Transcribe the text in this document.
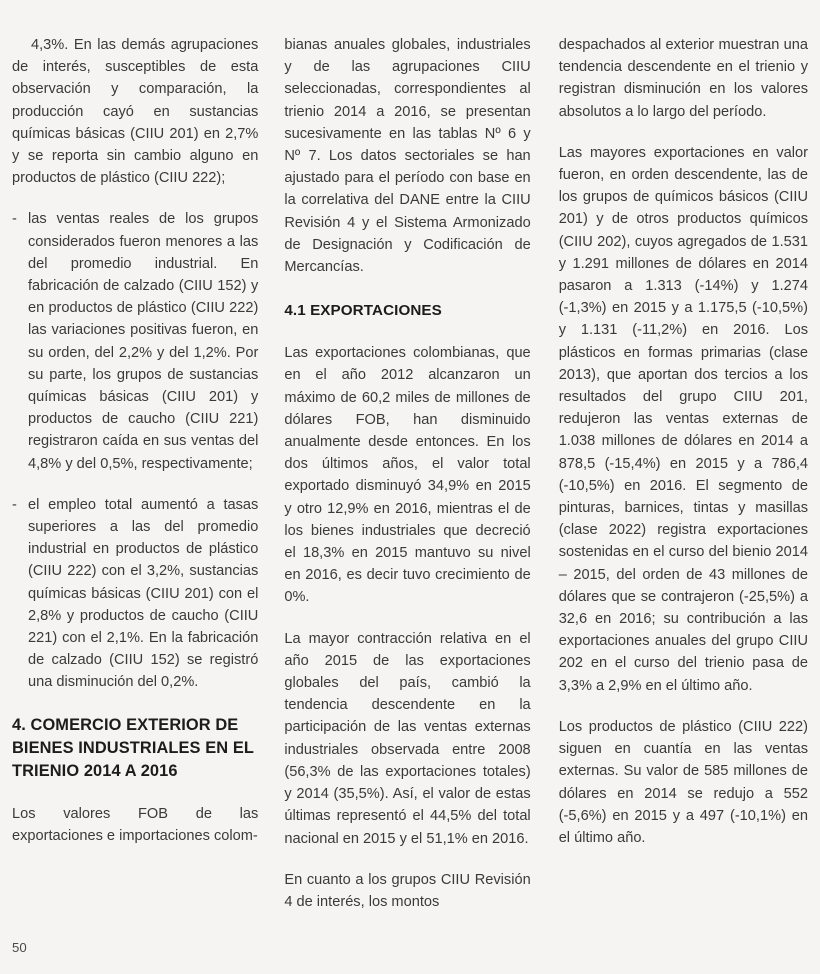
4,3%. En las demás agrupaciones de interés, susceptibles de esta observación y comparación, la producción cayó en sustancias químicas básicas (CIIU 201) en 2,7% y se reporta sin cambio alguno en productos de plástico (CIIU 222);

- las ventas reales de los grupos considerados fueron menores a las del promedio industrial. En fabricación de calzado (CIIU 152) y en productos de plástico (CIIU 222) las variaciones positivas fueron, en su orden, del 2,2% y del 1,2%. Por su parte, los grupos de sustancias químicas básicas (CIIU 201) y productos de caucho (CIIU 221) registraron caída en sus ventas del 4,8% y del 0,5%, respectivamente;
- el empleo total aumentó a tasas superiores a las del promedio industrial en productos de plástico (CIIU 222) con el 3,2%, sustancias químicas básicas (CIIU 201) con el 2,8% y productos de caucho (CIIU 221) con el 2,1%. En la fabricación de calzado (CIIU 152) se registró una disminución del 0,2%.
4. COMERCIO EXTERIOR DE BIENES INDUSTRIALES EN EL TRIENIO 2014 A 2016

Los valores FOB de las exportaciones e importaciones colom-

bianas anuales globales, industriales y de las agrupaciones CIIU seleccionadas, correspondientes al trienio 2014 a 2016, se presentan sucesivamente en las tablas Nº 6 y Nº 7. Los datos sectoriales se han ajustado para el período con base en la correlativa del DANE entre la CIIU Revisión 4 y el Sistema Armonizado de Designación y Codificación de Mercancías.

4.1 EXPORTACIONES

Las exportaciones colombianas, que en el año 2012 alcanzaron un máximo de 60,2 miles de millones de dólares FOB, han disminuido anualmente desde entonces. En los dos últimos años, el valor total exportado disminuyó 34,9% en 2015 y otro 12,9% en 2016, mientras el de los bienes industriales que decreció el 18,3% en 2015 mantuvo su nivel en 2016, es decir tuvo crecimiento de 0%.

La mayor contracción relativa en el año 2015 de las exportaciones globales del país, cambió la tendencia descendente en la participación de las ventas externas industriales observada entre 2008 (56,3% de las exportaciones totales) y 2014 (35,5%). Así, el valor de estas últimas representó el 44,5% del total nacional en 2015 y el 51,1% en 2016.

En cuanto a los grupos CIIU Revisión 4 de interés, los montos

despachados al exterior muestran una tendencia descendente en el trienio y registran disminución en los valores absolutos a lo largo del período.

Las mayores exportaciones en valor fueron, en orden descendente, las de los grupos de químicos básicos (CIIU 201) y de otros productos químicos (CIIU 202), cuyos agregados de 1.531 y 1.291 millones de dólares en 2014 pasaron a 1.313 (-14%) y 1.274 (-1,3%) en 2015 y a 1.175,5 (-10,5%) y 1.131 (-11,2%) en 2016. Los plásticos en formas primarias (clase 2013), que aportan dos tercios a los resultados del grupo CIIU 201, redujeron las ventas externas de 1.038 millones de dólares en 2014 a 878,5 (-15,4%) en 2015 y a 786,4 (-10,5%) en 2016. El segmento de pinturas, barnices, tintas y masillas (clase 2022) registra exportaciones sostenidas en el curso del bienio 2014 – 2015, del orden de 43 millones de dólares que se contrajeron (-25,5%) a 32,6 en 2016; su contribución a las exportaciones anuales del grupo CIIU 202 en el curso del trienio pasa de 3,3% a 2,9% en el último año.

Los productos de plástico (CIIU 222) siguen en cuantía en las ventas externas. Su valor de 585 millones de dólares en 2014 se redujo a 552 (-5,6%) en 2015 y a 497 (-10,1%) en el último año.

50
